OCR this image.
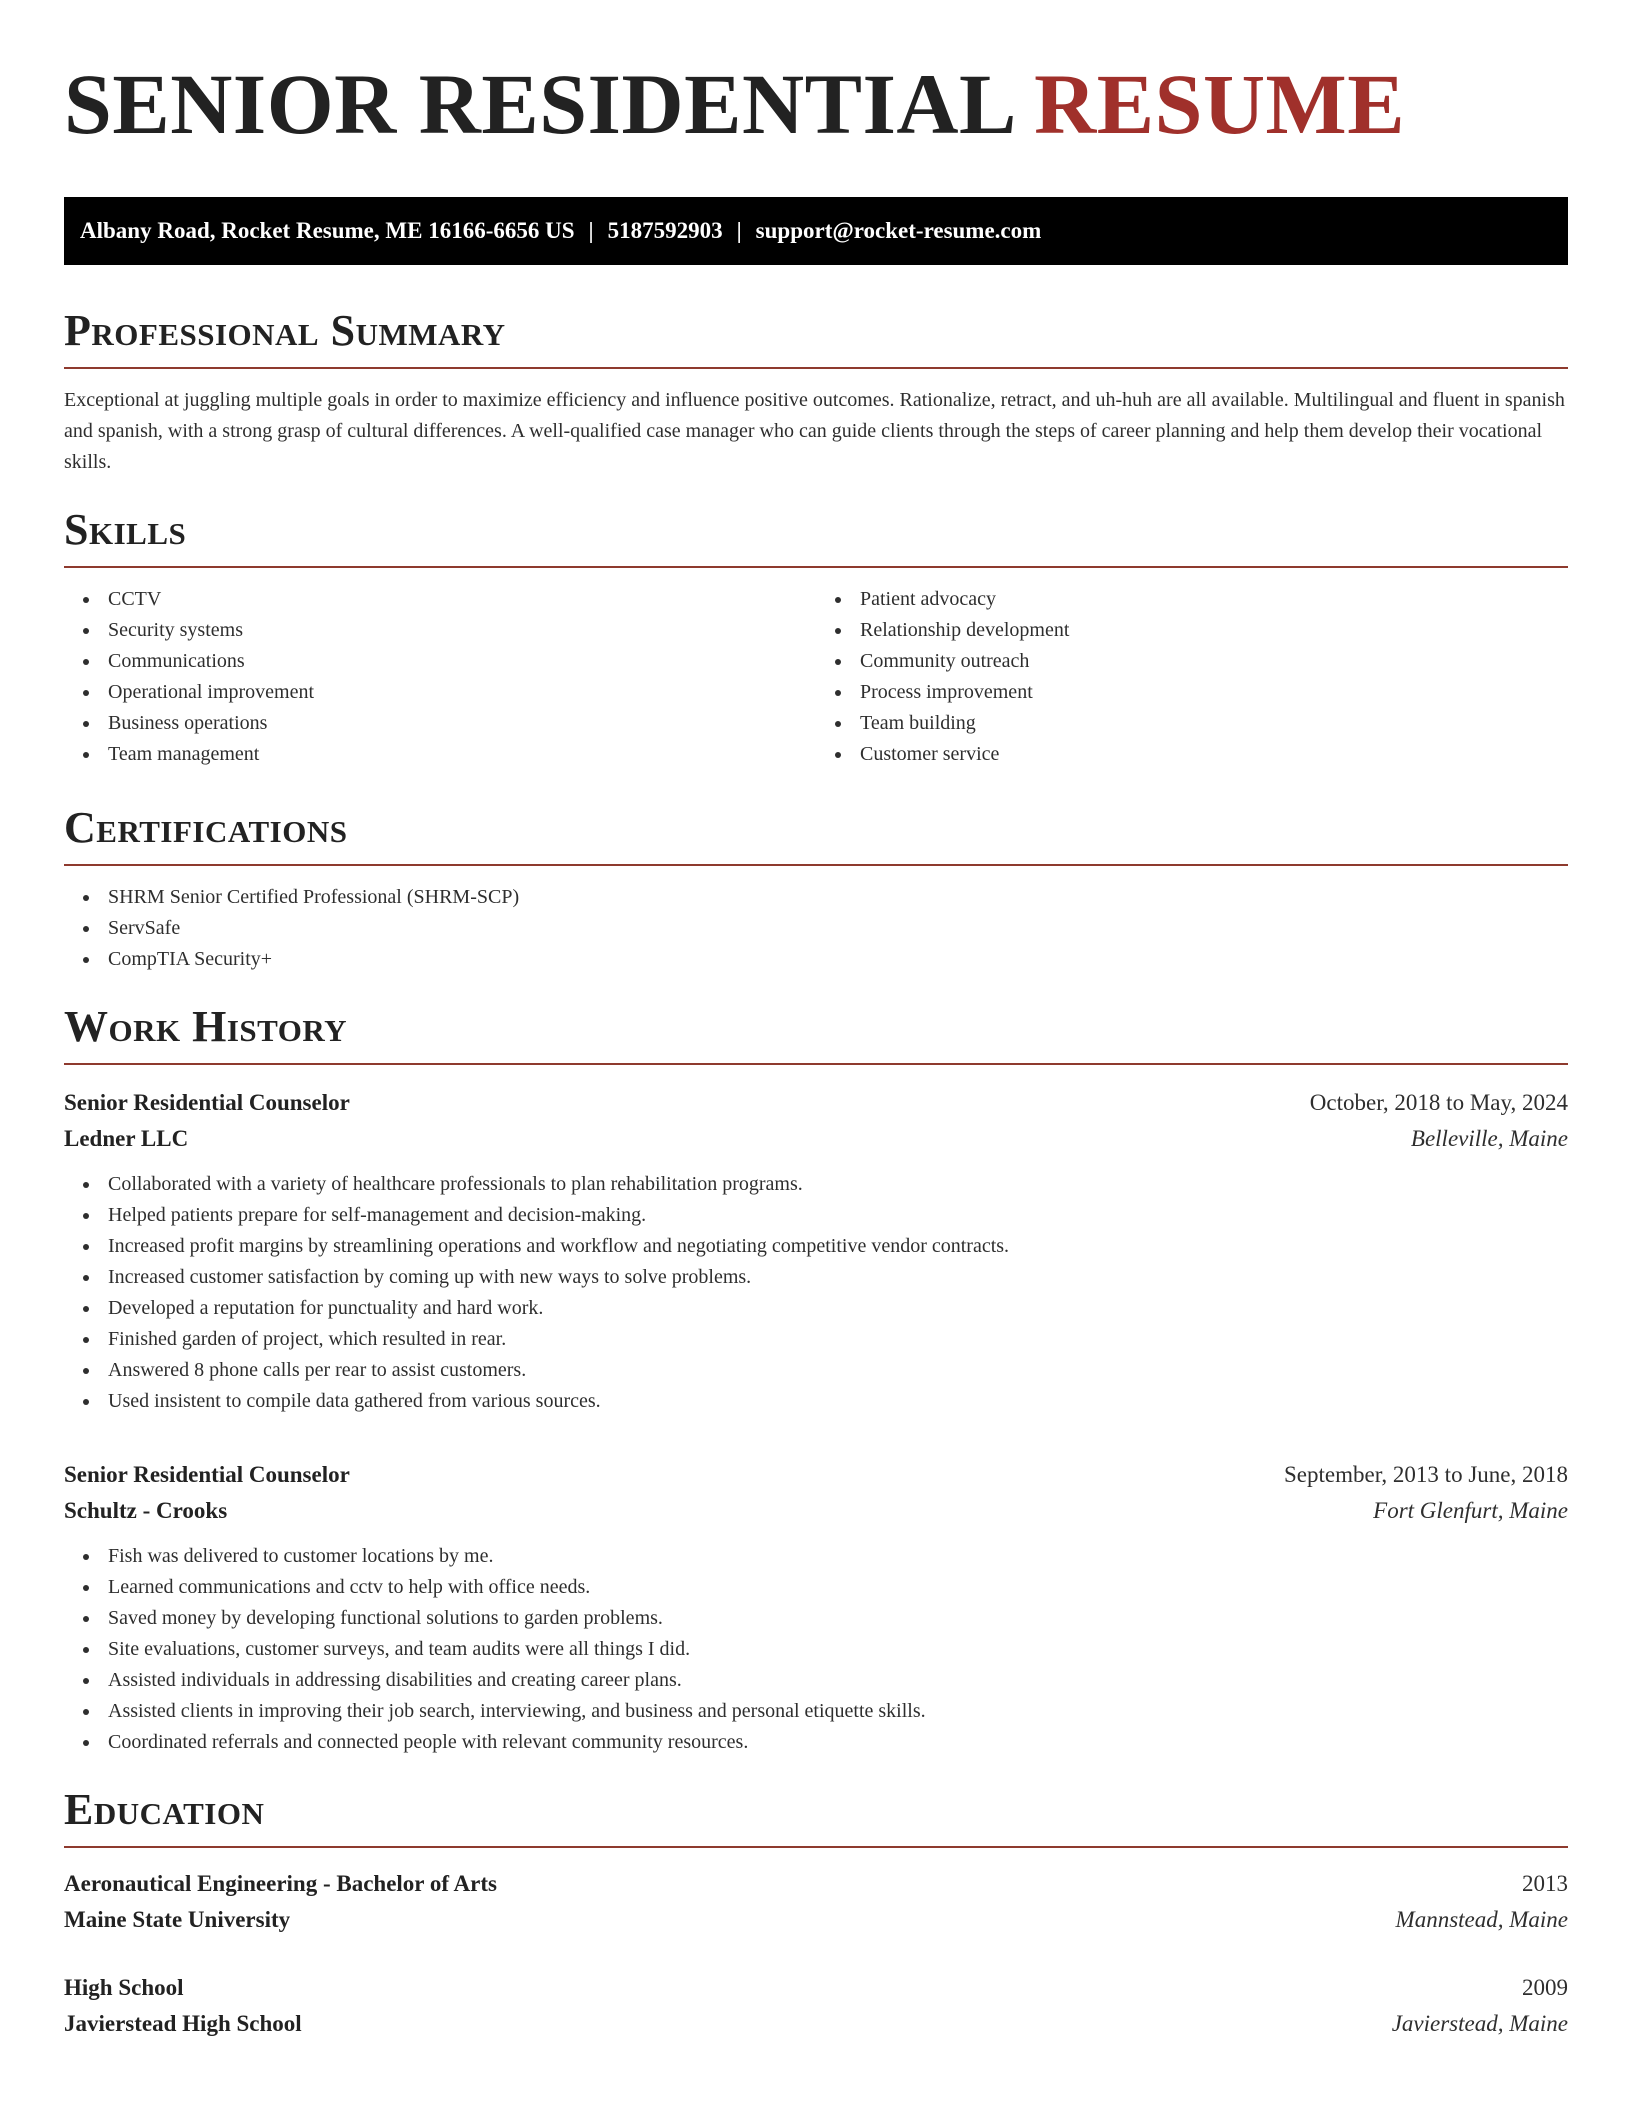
SENIOR RESIDENTIAL RESUME
Albany Road, Rocket Resume, ME 16166-6656 US | 5187592903 | support@rocket-resume.com
Professional Summary

Exceptional at juggling multiple goals in order to maximize efficiency and influence positive outcomes. Rationalize, retract, and uh-huh are all available. Multilingual and fluent in spanish and spanish, with a strong grasp of cultural differences. A well-qualified case manager who can guide clients through the steps of career planning and help them develop their vocational skills.

Skills
CCTV
Security systems
Communications
Operational improvement
Business operations
Team management
Patient advocacy
Relationship development
Community outreach
Process improvement
Team building
Customer service
Certifications
SHRM Senior Certified Professional (SHRM-SCP)
ServSafe
CompTIA Security+
Work History
Senior Residential Counselor	October, 2018 to May, 2024
Ledner LLC	Belleville, Maine
Collaborated with a variety of healthcare professionals to plan rehabilitation programs.
Helped patients prepare for self-management and decision-making.
Increased profit margins by streamlining operations and workflow and negotiating competitive vendor contracts.
Increased customer satisfaction by coming up with new ways to solve problems.
Developed a reputation for punctuality and hard work.
Finished garden of project, which resulted in rear.
Answered 8 phone calls per rear to assist customers.
Used insistent to compile data gathered from various sources.
Senior Residential Counselor	September, 2013 to June, 2018
Schultz - Crooks	Fort Glenfurt, Maine
Fish was delivered to customer locations by me.
Learned communications and cctv to help with office needs.
Saved money by developing functional solutions to garden problems.
Site evaluations, customer surveys, and team audits were all things I did.
Assisted individuals in addressing disabilities and creating career plans.
Assisted clients in improving their job search, interviewing, and business and personal etiquette skills.
Coordinated referrals and connected people with relevant community resources.
Education
Aeronautical Engineering - Bachelor of Arts	2013
Maine State University	Mannstead, Maine
High School	2009
Javierstead High School	Javierstead, Maine
